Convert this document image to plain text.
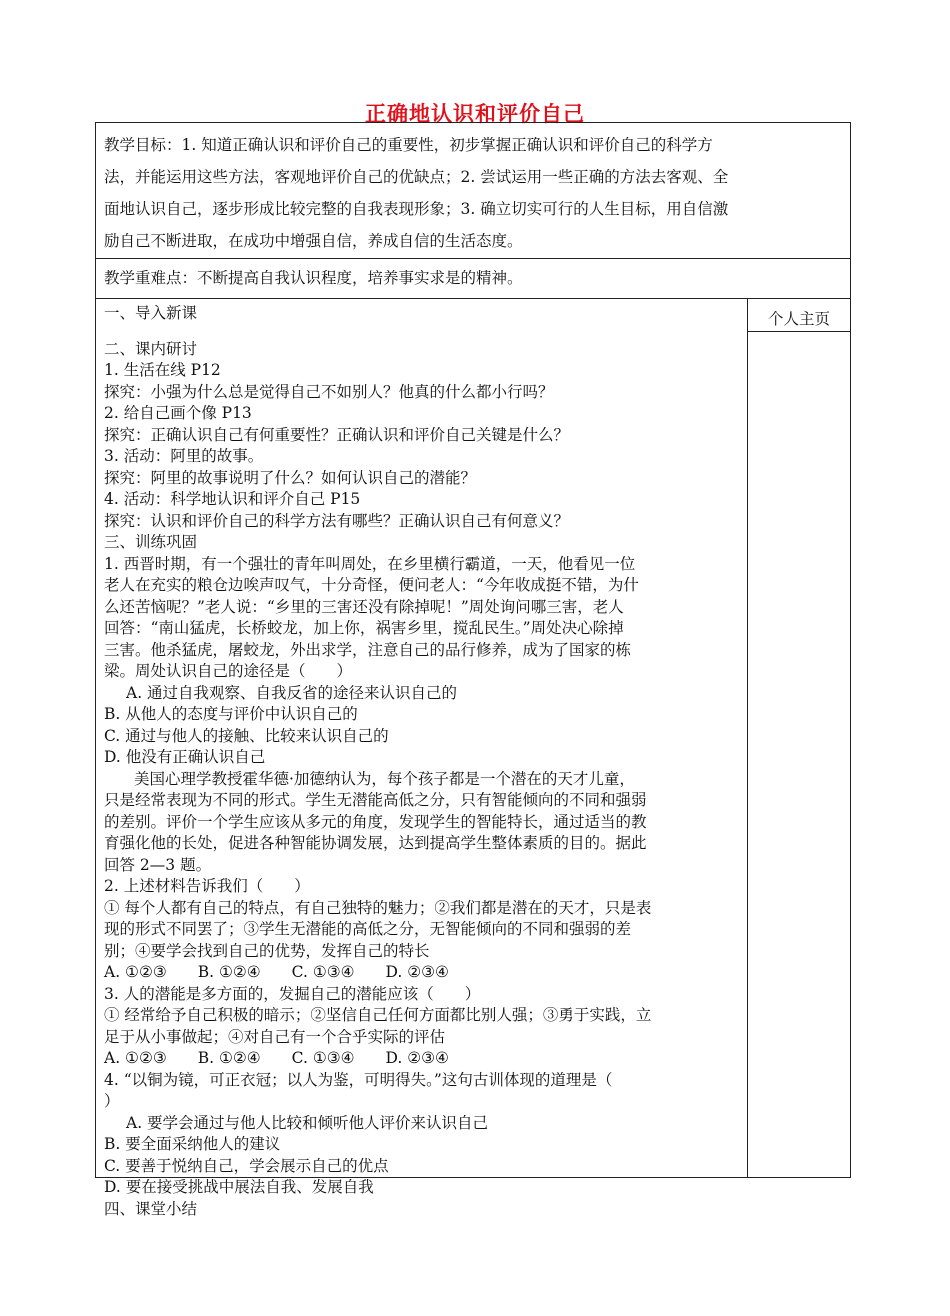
正确地认识和评价自己
教学目标：1. 知道正确认识和评价自己的重要性，初步掌握正确认识和评价自己的科学方
法，并能运用这些方法，客观地评价自己的优缺点；2. 尝试运用一些正确的方法去客观、全
面地认识自己，逐步形成比较完整的自我表现形象；3. 确立切实可行的人生目标，用自信激
励自己不断进取，在成功中增强自信，养成自信的生活态度。
教学重难点：不断提高自我认识程度，培养事实求是的精神。
一、导入新课
二、课内研讨
1. 生活在线 P12
探究：小强为什么总是觉得自己不如别人？他真的什么都小行吗？
2. 给自己画个像 P13
探究：正确认识自己有何重要性？正确认识和评价自己关键是什么？
3. 活动：阿里的故事。
探究：阿里的故事说明了什么？如何认识自己的潜能？
4. 活动：科学地认识和评介自己 P15
探究：认识和评价自己的科学方法有哪些？正确认识自己有何意义？
三、训练巩固
1. 西晋时期，有一个强壮的青年叫周处，在乡里横行霸道，一天，他看见一位
老人在充实的粮仓边唉声叹气，十分奇怪，便问老人：“今年收成挺不错，为什
么还苦恼呢？”老人说：“乡里的三害还没有除掉呢！”周处询问哪三害，老人
回答：“南山猛虎，长桥蛟龙，加上你，祸害乡里，搅乱民生。”周处决心除掉
三害。他杀猛虎，屠蛟龙，外出求学，注意自己的品行修养，成为了国家的栋
梁。周处认识自己的途径是（　　）
A. 通过自我观察、自我反省的途径来认识自己的
B. 从他人的态度与评价中认识自己的
C. 通过与他人的接触、比较来认识自己的
D. 他没有正确认识自己
美国心理学教授霍华德·加德纳认为，每个孩子都是一个潜在的天才儿童，
只是经常表现为不同的形式。学生无潜能高低之分，只有智能倾向的不同和强弱
的差别。评价一个学生应该从多元的角度，发现学生的智能特长，通过适当的教
育强化他的长处，促进各种智能协调发展，达到提高学生整体素质的目的。据此
回答 2—3 题。
2. 上述材料告诉我们（　　）
① 每个人都有自己的特点，有自己独特的魅力；②我们都是潜在的天才，只是表
现的形式不同罢了；③学生无潜能的高低之分，无智能倾向的不同和强弱的差
别；④要学会找到自己的优势，发挥自己的特长
A. ①②③　　B. ①②④　　C. ①③④　　D. ②③④
3. 人的潜能是多方面的，发掘自己的潜能应该（　　）
① 经常给予自己积极的暗示；②坚信自己任何方面都比别人强；③勇于实践，立
足于从小事做起；④对自己有一个合乎实际的评估
A. ①②③　　B. ①②④　　C. ①③④　　D. ②③④
4. “以铜为镜，可正衣冠；以人为鉴，可明得失。”这句古训体现的道理是（
）
A. 要学会通过与他人比较和倾听他人评价来认识自己
B. 要全面采纳他人的建议
C. 要善于悦纳自己，学会展示自己的优点
D. 要在接受挑战中展法自我、发展自我
四、课堂小结
个人主页
